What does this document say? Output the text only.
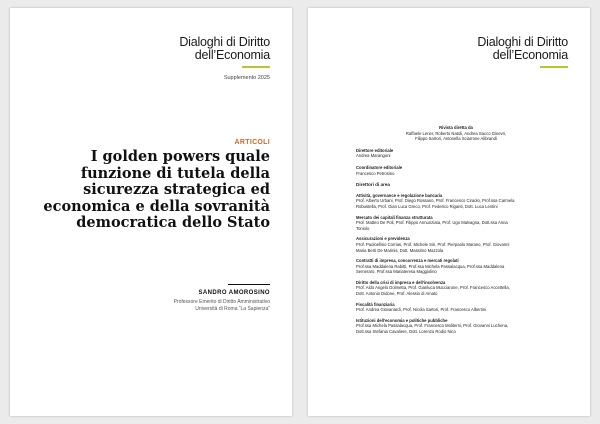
Dialoghi di Diritto
dell’Economia
Supplemento 2025
ARTICOLI
I golden powers quale
funzione di tutela della
sicurezza strategica ed
economica e della sovranità
democratica dello Stato
SANDRO AMOROSINO
Professore Emerito di Diritto Amministrativo
Università di Roma “La Sapienza”
Dialoghi di Diritto
dell’Economia
Rivista diretta da
Raffaele Lener, Roberto Natoli, Andrea Sacco Ginevri,
Filippo Sartori, Antonella Sciarrone Alibrandi
Direttore editoriale
Andrea Marangoni
Coordinatore editoriale
Francesco Petrosino
Direttori di area
Attività, governance e regolazione bancaria
Prof. Alberto Urbani, Prof. Diego Rossano, Prof. Francesco Ciraolo, Prof.ssa Carmela
Robustella, Prof. Gian Luca Greco, Prof. Federico Riganti, Dott. Luca Lentini
Mercato dei capitali finanza strutturata
Prof. Matteo De Poli, Prof. Filippo Annunziata, Prof. Ugo Malvagna, Dott.ssa Anna
Toniolo
Assicurazioni e previdenza
Prof. Paoloefisio Corrias, Prof. Michele Siri, Prof. Pierpaolo Marano, Prof. Giovanni
Maria Berti De Marinis, Dott. Massimo Mazzola
Contratti di impresa, concorrenza e mercati regolati
Prof.ssa Maddalena Rabitti, Prof.ssa Michela Passalacqua, Prof.ssa Maddalena
Semeraro, Prof.ssa Mariateresa Maggiolino
Diritto della crisi di impresa e dell’insolvenza
Prof. Aldo Angelo Dolmetta, Prof. Gianluca Mucciarone, Prof. Francesco Accettella,
Dott. Antonio Didone, Prof. Alessio di Amato
Fiscalità finanziaria
Prof. Andrea Giovanardi, Prof. Nicola Sartori, Prof. Francesco Albertini
Istituzioni dell’economia e politiche pubbliche
Prof.ssa Michela Passalacqua, Prof. Francesco Moliterni, Prof. Giovanni Luchena,
Dott.ssa Stefania Cavaliere, Dott. Lorenzo Rodio Nico
